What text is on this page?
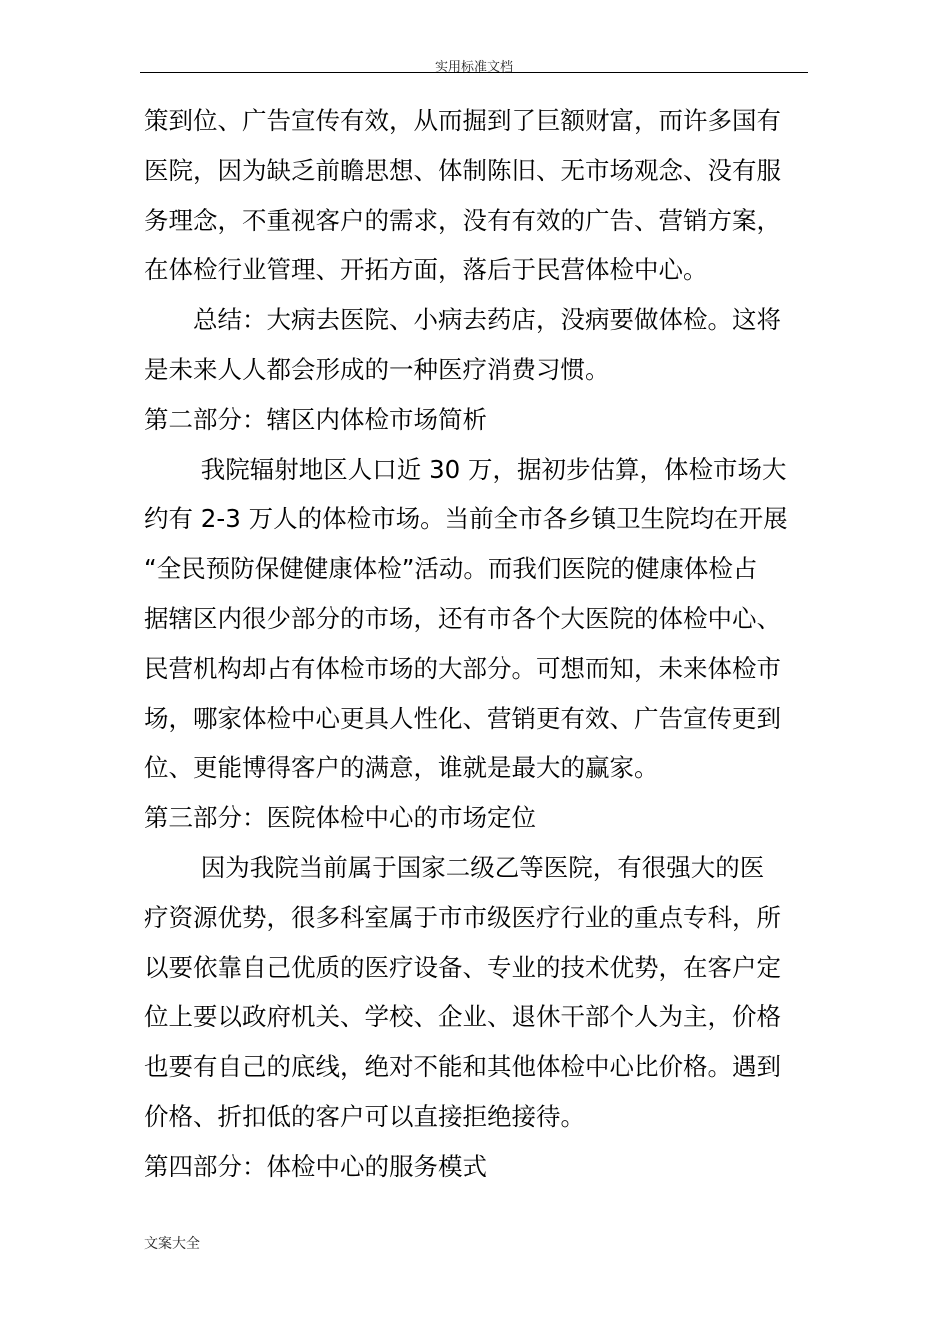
实用标准文档
策到位、广告宣传有效，从而掘到了巨额财富，而许多国有
医院，因为缺乏前瞻思想、体制陈旧、无市场观念、没有服
务理念，不重视客户的需求，没有有效的广告、营销方案，
在体检行业管理、开拓方面，落后于民营体检中心。
　　总结：大病去医院、小病去药店，没病要做体检。这将
是未来人人都会形成的一种医疗消费习惯。
第二部分：辖区内体检市场简析
　　 我院辐射地区人口近 30 万，据初步估算，体检市场大
约有 2-3 万人的体检市场。当前全市各乡镇卫生院均在开展
“全民预防保健健康体检”活动。而我们医院的健康体检占
据辖区内很少部分的市场，还有市各个大医院的体检中心、
民营机构却占有体检市场的大部分。可想而知，未来体检市
场，哪家体检中心更具人性化、营销更有效、广告宣传更到
位、更能博得客户的满意，谁就是最大的赢家。
第三部分：医院体检中心的市场定位
　　 因为我院当前属于国家二级乙等医院，有很强大的医
疗资源优势，很多科室属于市市级医疗行业的重点专科，所
以要依靠自己优质的医疗设备、专业的技术优势，在客户定
位上要以政府机关、学校、企业、退休干部个人为主，价格
也要有自己的底线，绝对不能和其他体检中心比价格。遇到
价格、折扣低的客户可以直接拒绝接待。
第四部分：体检中心的服务模式
文案大全
